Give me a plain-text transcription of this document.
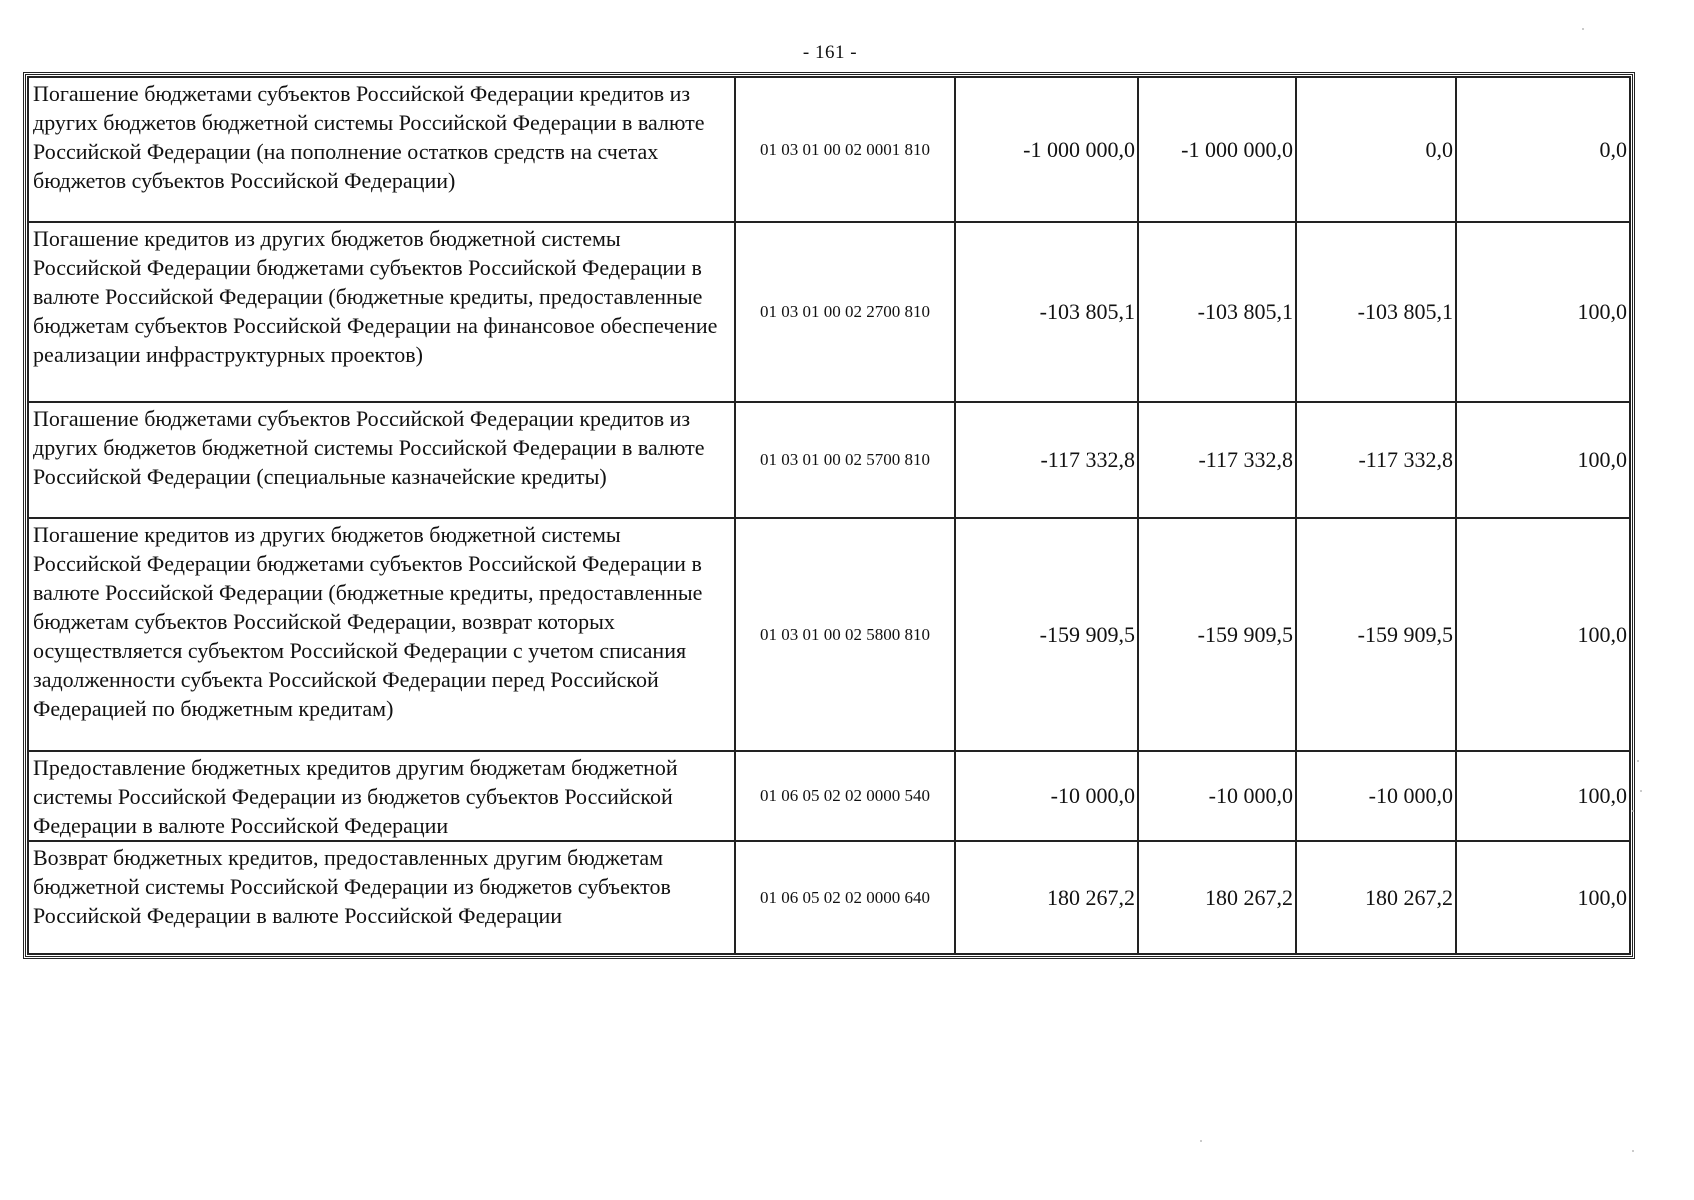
- 161 -
Погашение бюджетами субъектов Российской Федерации кредитов из других бюджетов бюджетной системы Российской Федерации в валюте Российской Федерации (на пополнение остатков средств на счетах бюджетов субъектов Российской Федерации)	01 03 01 00 02 0001 810	-1 000 000,0	-1 000 000,0	0,0	0,0
Погашение кредитов из других бюджетов бюджетной системы Российской Федерации бюджетами субъектов Российской Федерации в валюте Российской Федерации (бюджетные кредиты, предоставленные бюджетам субъектов Российской Федерации на финансовое обеспечение реализации инфраструктурных проектов)	01 03 01 00 02 2700 810	-103 805,1	-103 805,1	-103 805,1	100,0
Погашение бюджетами субъектов Российской Федерации кредитов из других бюджетов бюджетной системы Российской Федерации в валюте Российской Федерации (специальные казначейские кредиты)	01 03 01 00 02 5700 810	-117 332,8	-117 332,8	-117 332,8	100,0
Погашение кредитов из других бюджетов бюджетной системы Российской Федерации бюджетами субъектов Российской Федерации в валюте Российской Федерации (бюджетные кредиты, предоставленные бюджетам субъектов Российской Федерации, возврат которых осуществляется субъектом Российской Федерации с учетом списания задолженности субъекта Российской Федерации перед Российской Федерацией по бюджетным кредитам)	01 03 01 00 02 5800 810	-159 909,5	-159 909,5	-159 909,5	100,0
Предоставление бюджетных кредитов другим бюджетам бюджетной системы Российской Федерации из бюджетов субъектов Российской Федерации в валюте Российской Федерации	01 06 05 02 02 0000 540	-10 000,0	-10 000,0	-10 000,0	100,0
Возврат бюджетных кредитов, предоставленных другим бюджетам бюджетной системы Российской Федерации из бюджетов субъектов Российской Федерации в валюте Российской Федерации	01 06 05 02 02 0000 640	180 267,2	180 267,2	180 267,2	100,0
